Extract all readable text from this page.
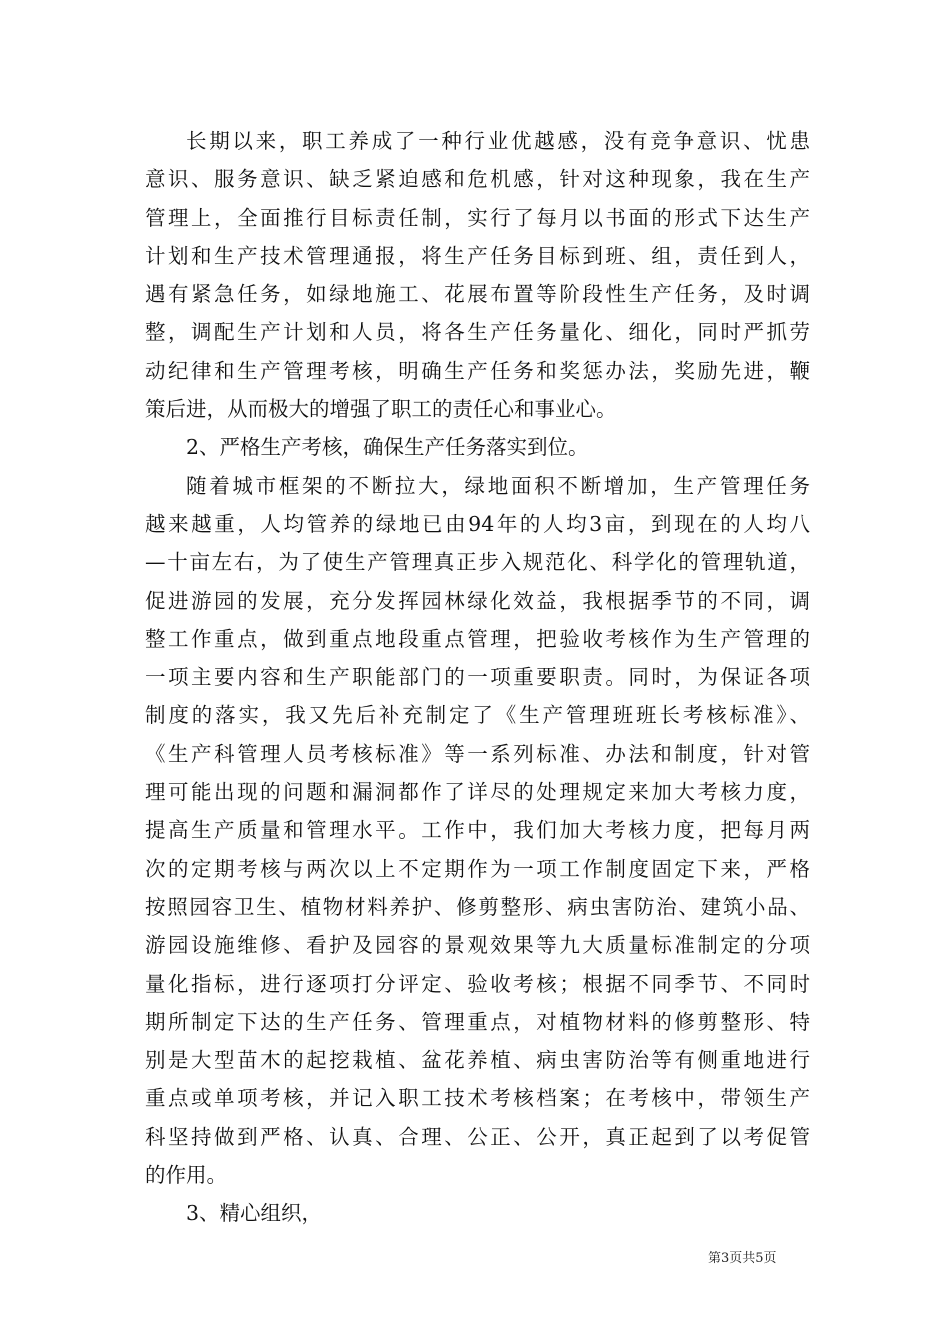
长期以来，职工养成了一种行业优越感，没有竞争意识、忧患
意识、服务意识、缺乏紧迫感和危机感，针对这种现象，我在生产
管理上，全面推行目标责任制，实行了每月以书面的形式下达生产
计划和生产技术管理通报，将生产任务目标到班、组，责任到人，
遇有紧急任务，如绿地施工、花展布置等阶段性生产任务，及时调
整，调配生产计划和人员，将各生产任务量化、细化，同时严抓劳
动纪律和生产管理考核，明确生产任务和奖惩办法，奖励先进，鞭
策后进，从而极大的增强了职工的责任心和事业心。
2、严格生产考核，确保生产任务落实到位。
随着城市框架的不断拉大，绿地面积不断增加，生产管理任务
越来越重，人均管养的绿地已由94年的人均3亩，到现在的人均八
—十亩左右，为了使生产管理真正步入规范化、科学化的管理轨道，
促进游园的发展，充分发挥园林绿化效益，我根据季节的不同，调
整工作重点，做到重点地段重点管理，把验收考核作为生产管理的
一项主要内容和生产职能部门的一项重要职责。同时，为保证各项
制度的落实，我又先后补充制定了《生产管理班班长考核标准》、
《生产科管理人员考核标准》等一系列标准、办法和制度，针对管
理可能出现的问题和漏洞都作了详尽的处理规定来加大考核力度，
提高生产质量和管理水平。工作中，我们加大考核力度，把每月两
次的定期考核与两次以上不定期作为一项工作制度固定下来，严格
按照园容卫生、植物材料养护、修剪整形、病虫害防治、建筑小品、
游园设施维修、看护及园容的景观效果等九大质量标准制定的分项
量化指标，进行逐项打分评定、验收考核；根据不同季节、不同时
期所制定下达的生产任务、管理重点，对植物材料的修剪整形、特
别是大型苗木的起挖栽植、盆花养植、病虫害防治等有侧重地进行
重点或单项考核，并记入职工技术考核档案；在考核中，带领生产
科坚持做到严格、认真、合理、公正、公开，真正起到了以考促管
的作用。
3、精心组织，
第3页共5页
